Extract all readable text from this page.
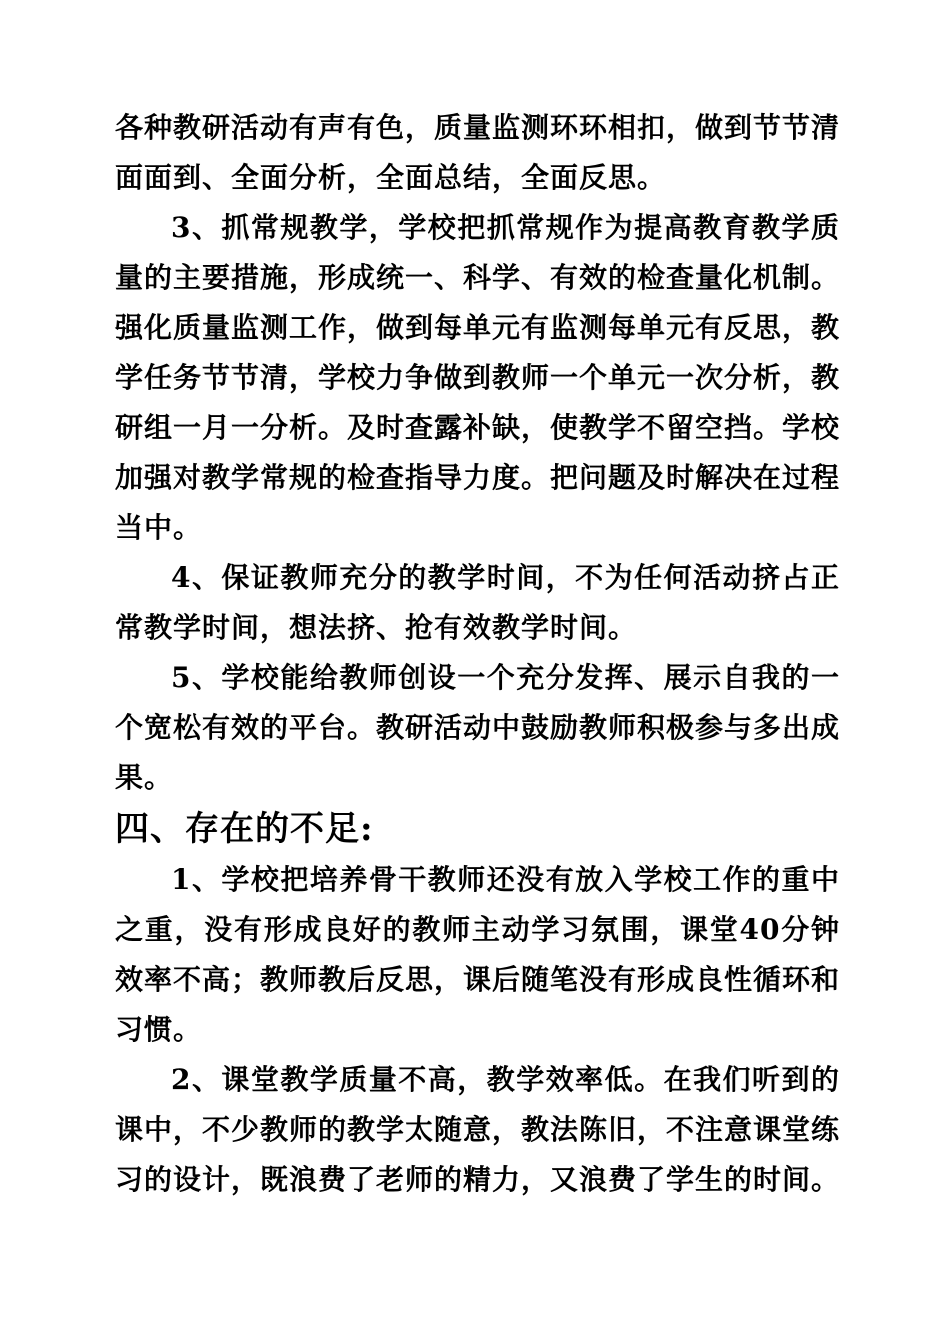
各种教研活动有声有色，质量监测环环相扣，做到节节清面面到、全面分析，全面总结，全面反思。

3、抓常规教学，学校把抓常规作为提高教育教学质量的主要措施，形成统一、科学、有效的检查量化机制。强化质量监测工作，做到每单元有监测每单元有反思，教学任务节节清，学校力争做到教师一个单元一次分析，教研组一月一分析。及时查露补缺，使教学不留空挡。学校加强对教学常规的检查指导力度。把问题及时解决在过程当中。

4、保证教师充分的教学时间，不为任何活动挤占正常教学时间，想法挤、抢有效教学时间。

5、学校能给教师创设一个充分发挥、展示自我的一个宽松有效的平台。教研活动中鼓励教师积极参与多出成果。

四、存在的不足:

1、学校把培养骨干教师还没有放入学校工作的重中之重，没有形成良好的教师主动学习氛围，课堂40分钟效率不高；教师教后反思，课后随笔没有形成良性循环和习惯。

2、课堂教学质量不高，教学效率低。在我们听到的课中，不少教师的教学太随意，教法陈旧，不注意课堂练习的设计，既浪费了老师的精力，又浪费了学生的时间。
